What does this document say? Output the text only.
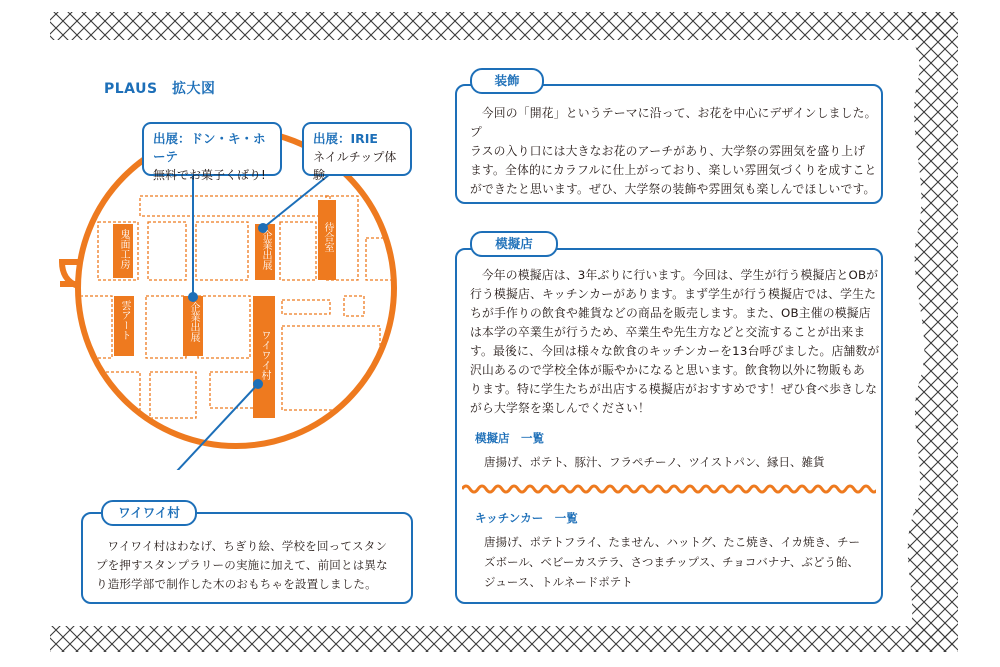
PLAUS　拡大図
鬼面工房	企業出展	待合室
雲アート	企業出展
ワイワイ村
出展：ドン・キ・ホーテ
無料でお菓子くばり!
出展：IRIE
ネイルチップ体験
ワイワイ村
ワイワイ村はわなげ、ちぎり絵、学校を回ってスタン
プを押すスタンプラリーの実施に加えて、前回とは異な
り造形学部で制作した木のおもちゃを設置しました。
装飾
今回の「開花」というテーマに沿って、お花を中心にデザインしました。プ
ラスの入り口には大きなお花のアーチがあり、大学祭の雰囲気を盛り上げ
ます。全体的にカラフルに仕上がっており、楽しい雰囲気づくりを成すこと
ができたと思います。ぜひ、大学祭の装飾や雰囲気も楽しんでほしいです。
模擬店
今年の模擬店は、3年ぶりに行います。今回は、学生が行う模擬店とOBが
行う模擬店、キッチンカーがあります。まず学生が行う模擬店では、学生た
ちが手作りの飲食や雑貨などの商品を販売します。また、OB主催の模擬店
は本学の卒業生が行うため、卒業生や先生方などと交流することが出来ま
す。最後に、今回は様々な飲食のキッチンカーを13台呼びました。店舗数が
沢山あるので学校全体が賑やかになると思います。飲食物以外に物販もあ
ります。特に学生たちが出店する模擬店がおすすめです！ぜひ食べ歩きしな
がら大学祭を楽しんでください！
模擬店　一覧
唐揚げ、ポテト、豚汁、フラペチーノ、ツイストパン、縁日、雑貨
キッチンカー　一覧
唐揚げ、ポテトフライ、たません、ハットグ、たこ焼き、イカ焼き、チー
ズボール、ベビーカステラ、さつまチップス、チョコバナナ、ぶどう飴、
ジュース、トルネードポテト
